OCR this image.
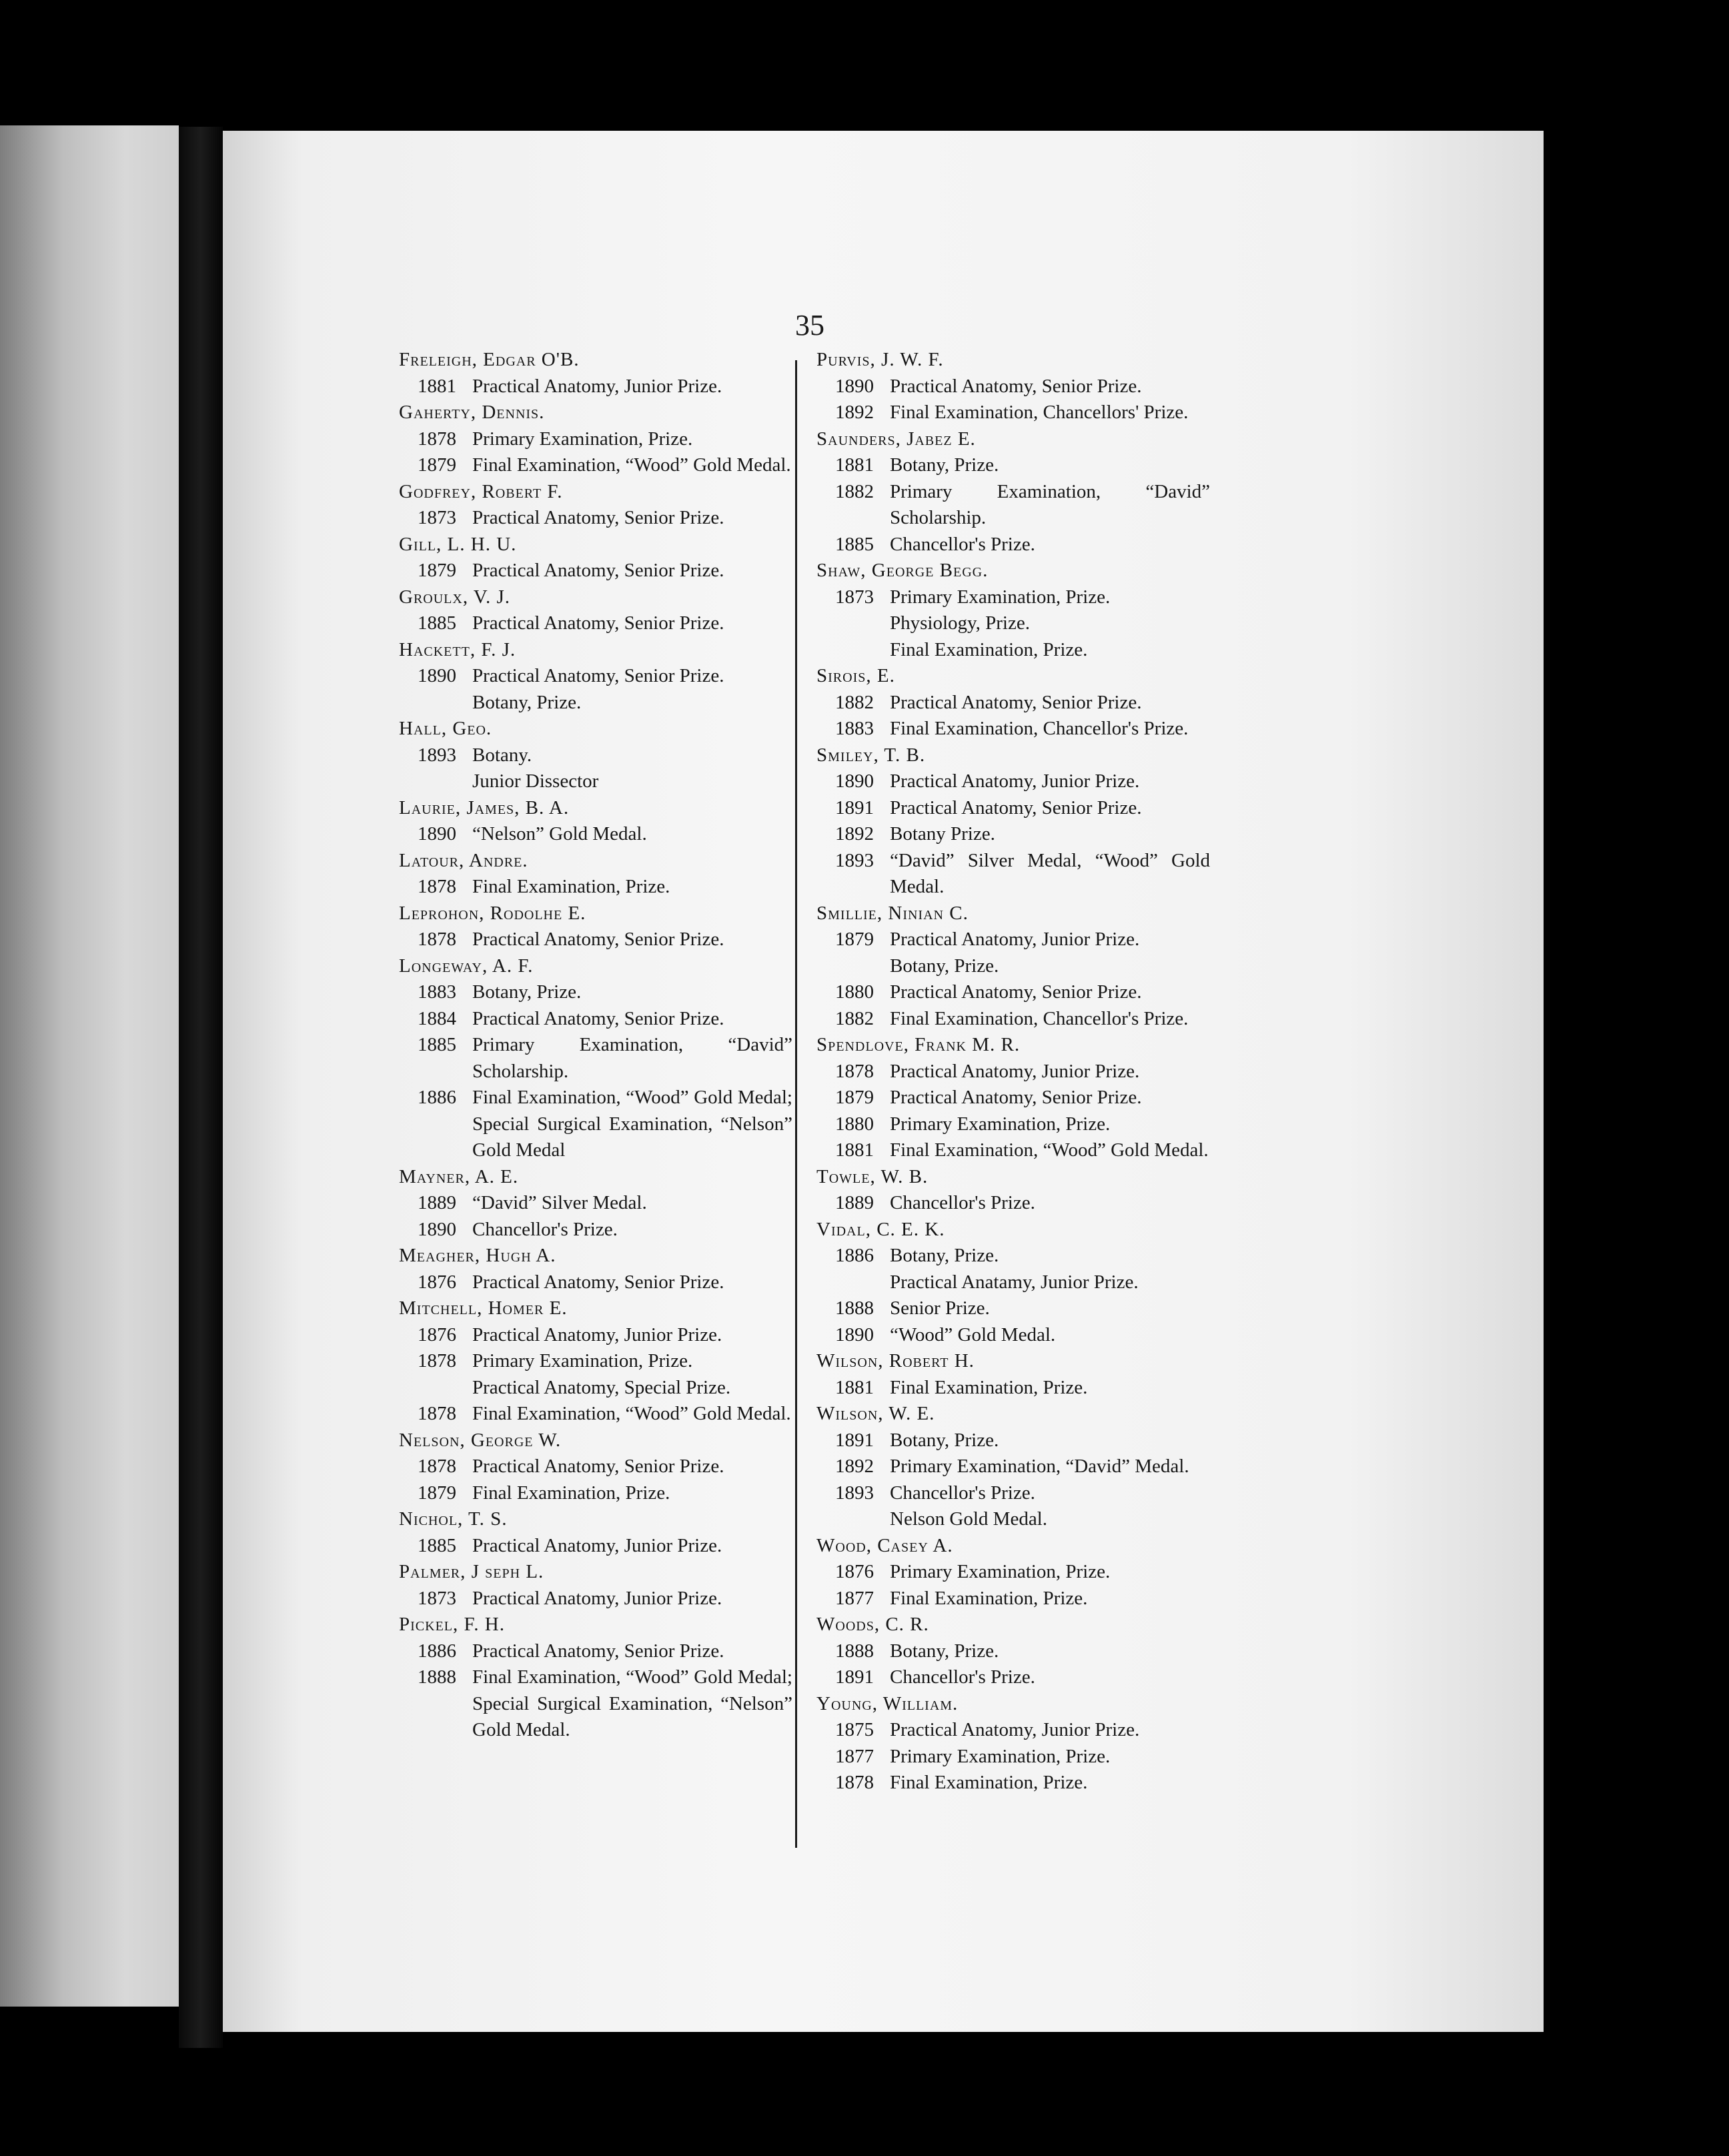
35
Freleigh, Edgar O'B.
1881 Practical Anatomy, Junior Prize.
Gaherty, Dennis.
1878 Primary Examination, Prize.
1879 Final Examination, “Wood” Gold Medal.
Godfrey, Robert F.
1873 Practical Anatomy, Senior Prize.
Gill, L. H. U.
1879 Practical Anatomy, Senior Prize.
Groulx, V. J.
1885 Practical Anatomy, Senior Prize.
Hackett, F. J.
1890 Practical Anatomy, Senior Prize.
Botany, Prize.
Hall, Geo.
1893 Botany.
Junior Dissector
Laurie, James, B. A.
1890 “Nelson” Gold Medal.
Latour, Andre.
1878 Final Examination, Prize.
Leprohon, Rodolhe E.
1878 Practical Anatomy, Senior Prize.
Longeway, A. F.
1883 Botany, Prize.
1884 Practical Anatomy, Senior Prize.
1885 Primary Examination, “David” Scholarship.
1886 Final Examination, “Wood” Gold Medal; Special Surgical Examination, “Nelson” Gold Medal
Mayner, A. E.
1889 “David” Silver Medal.
1890 Chancellor's Prize.
Meagher, Hugh A.
1876 Practical Anatomy, Senior Prize.
Mitchell, Homer E.
1876 Practical Anatomy, Junior Prize.
1878 Primary Examination, Prize.
Practical Anatomy, Special Prize.
1878 Final Examination, “Wood” Gold Medal.
Nelson, George W.
1878 Practical Anatomy, Senior Prize.
1879 Final Examination, Prize.
Nichol, T. S.
1885 Practical Anatomy, Junior Prize.
Palmer, J seph L.
1873 Practical Anatomy, Junior Prize.
Pickel, F. H.
1886 Practical Anatomy, Senior Prize.
1888 Final Examination, “Wood” Gold Medal; Special Surgical Examination, “Nelson” Gold Medal.
Purvis, J. W. F.
1890 Practical Anatomy, Senior Prize.
1892 Final Examination, Chancellors' Prize.
Saunders, Jabez E.
1881 Botany, Prize.
1882 Primary Examination, “David” Scholarship.
1885 Chancellor's Prize.
Shaw, George Begg.
1873 Primary Examination, Prize.
Physiology, Prize.
Final Examination, Prize.
Sirois, E.
1882 Practical Anatomy, Senior Prize.
1883 Final Examination, Chancellor's Prize.
Smiley, T. B.
1890 Practical Anatomy, Junior Prize.
1891 Practical Anatomy, Senior Prize.
1892 Botany Prize.
1893 “David” Silver Medal, “Wood” Gold Medal.
Smillie, Ninian C.
1879 Practical Anatomy, Junior Prize.
Botany, Prize.
1880 Practical Anatomy, Senior Prize.
1882 Final Examination, Chancellor's Prize.
Spendlove, Frank M. R.
1878 Practical Anatomy, Junior Prize.
1879 Practical Anatomy, Senior Prize.
1880 Primary Examination, Prize.
1881 Final Examination, “Wood” Gold Medal.
Towle, W. B.
1889 Chancellor's Prize.
Vidal, C. E. K.
1886 Botany, Prize.
Practical Anatamy, Junior Prize.
1888 Senior Prize.
1890 “Wood” Gold Medal.
Wilson, Robert H.
1881 Final Examination, Prize.
Wilson, W. E.
1891 Botany, Prize.
1892 Primary Examination, “David” Medal.
1893 Chancellor's Prize.
Nelson Gold Medal.
Wood, Casey A.
1876 Primary Examination, Prize.
1877 Final Examination, Prize.
Woods, C. R.
1888 Botany, Prize.
1891 Chancellor's Prize.
Young, William.
1875 Practical Anatomy, Junior Prize.
1877 Primary Examination, Prize.
1878 Final Examination, Prize.
